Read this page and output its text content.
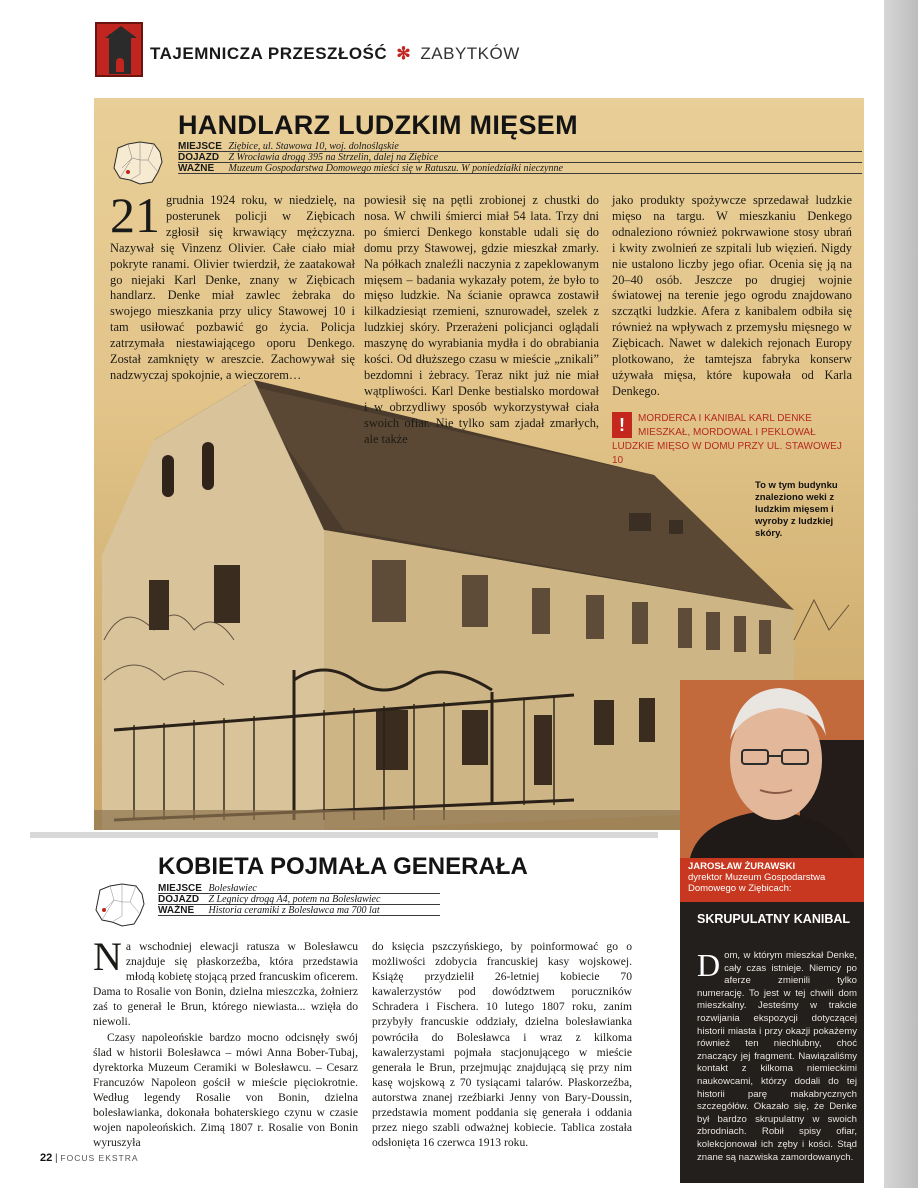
TAJEMNICZA PRZESZŁOŚĆ ✻ ZABYTKÓW
HANDLARZ LUDZKIM MIĘSEM
MIEJSCE Ziębice, ul. Stawowa 10, woj. dolnośląskie
DOJAZD Z Wrocławia drogą 395 na Strzelin, dalej na Ziębice
WAŻNE Muzeum Gospodarstwa Domowego mieści się w Ratuszu. W poniedziałki nieczynne
21 grudnia 1924 roku, w niedzielę, na posterunek policji w Ziębicach zgłosił się krwawiący mężczyzna. Nazywał się Vinzenz Olivier. Całe ciało miał pokryte ranami. Olivier twierdził, że zaatakował go niejaki Karl Denke, znany w Ziębicach handlarz. Denke miał zawlec żebraka do swojego mieszkania przy ulicy Stawowej 10 i tam usiłować pozbawić go życia. Policja zatrzymała niestawiającego oporu Denkego. Został zamknięty w areszcie. Zachowywał się nadzwyczaj spokojnie, a wieczorem…

powiesił się na pętli zrobionej z chustki do nosa. W chwili śmierci miał 54 lata. Trzy dni po śmierci Denkego konstable udali się do domu przy Stawowej, gdzie mieszkał zmarły. Na półkach znaleźli naczynia z zapeklowanym mięsem – badania wykazały potem, że było to mięso ludzkie. Na ścianie oprawca zostawił kilkadziesiąt rzemieni, sznurowadeł, szelek z ludzkiej skóry. Przerażeni policjanci oglądali maszynę do wyrabiania mydła i do obrabiania kości. Od dłuższego czasu w mieście „znikali” bezdomni i żebracy. Teraz nikt już nie miał wątpliwości. Karl Denke bestialsko mordował i w obrzydliwy sposób wykorzystywał ciała swoich ofiar. Nie tylko sam zjadał zmarłych, ale także

jako produkty spożywcze sprzedawał ludzkie mięso na targu. W mieszkaniu Denkego odnaleziono również pokrwawione stosy ubrań i kwity zwolnień ze szpitali lub więzień. Nigdy nie ustalono liczby jego ofiar. Ocenia się ją na 20–40 osób. Jeszcze po drugiej wojnie światowej na terenie jego ogrodu znajdowano szczątki ludzkie. Afera z kanibalem odbiła się również na wpływach z przemysłu mięsnego w Ziębicach. Nawet w dalekich rejonach Europy plotkowano, że tamtejsza fabryka konserw używała mięsa, które kupowała od Karla Denkego.

!	MORDERCA I KANIBAL KARL DENKE MIESZKAŁ, MORDOWAŁ I PEKLOWAŁ LUDZKIE MIĘSO W DOMU PRZY UL. STAWOWEJ 10
To w tym budynku znaleziono weki z ludzkim mięsem i wyroby z ludzkiej skóry.
KOBIETA POJMAŁA GENERAŁA
MIEJSCE Bolesławiec
DOJAZD Z Legnicy drogą A4, potem na Bolesławiec
WAŻNE Historia ceramiki z Bolesławca ma 700 lat
N a wschodniej elewacji ratusza w Bolesławcu znajduje się płaskorzeźba, która przedstawia młodą kobietę stojącą przed francuskim oficerem. Dama to Rosalie von Bonin, dzielna mieszczka, żołnierz zaś to generał le Brun, którego niewiasta... wzięła do niewoli.

Czasy napoleońskie bardzo mocno odcisnęły swój ślad w historii Bolesławca – mówi Anna Bober-Tubaj, dyrektorka Muzeum Ceramiki w Bolesławcu. – Cesarz Francuzów Napoleon gościł w mieście pięciokrotnie. Według legendy Rosalie von Bonin, dzielna bolesławianka, dokonała bohaterskiego czynu w czasie wojen napoleońskich. Zimą 1807 r. Rosalie von Bonin wyruszyła

do księcia pszczyńskiego, by poinformować go o możliwości zdobycia francuskiej kasy wojskowej. Książę przydzielił 26-letniej kobiecie 70 kawalerzystów pod dowództwem poruczników Schradera i Fischera. 10 lutego 1807 roku, zanim przybyły francuskie oddziały, dzielna bolesławianka powróciła do Bolesławca i wraz z kilkoma kawalerzystami pojmała stacjonującego w mieście generała le Brun, przejmując znajdującą się przy nim kasę wojskową z 70 tysiącami talarów. Płaskorzeźba, autorstwa znanej rzeźbiarki Jenny von Bary-Doussin, przedstawia moment poddania się generała i oddania przez niego szabli odważnej kobiecie. Tablica została odsłonięta 16 czerwca 1913 roku.

JAROSŁAW ŻURAWSKI
dyrektor Muzeum Gospodarstwa Domowego w Ziębicach:
SKRUPULATNY KANIBAL
D om, w którym mieszkał Denke, cały czas istnieje. Niemcy po aferze zmienili tylko numerację. To jest w tej chwili dom mieszkalny. Jesteśmy w trakcie rozwijania ekspozycji dotyczącej historii miasta i przy okazji pokażemy również ten niechlubny, choć znaczący jej fragment. Nawiązaliśmy kontakt z kilkoma niemieckimi naukowcami, którzy dodali do tej historii parę makabrycznych szczegółów. Okazało się, że Denke był bardzo skrupulatny w swoich zbrodniach. Robił spisy ofiar, kolekcjonował ich zęby i kości. Stąd znane są nazwiska zamordowanych.
22 | FOCUS EKSTRA
